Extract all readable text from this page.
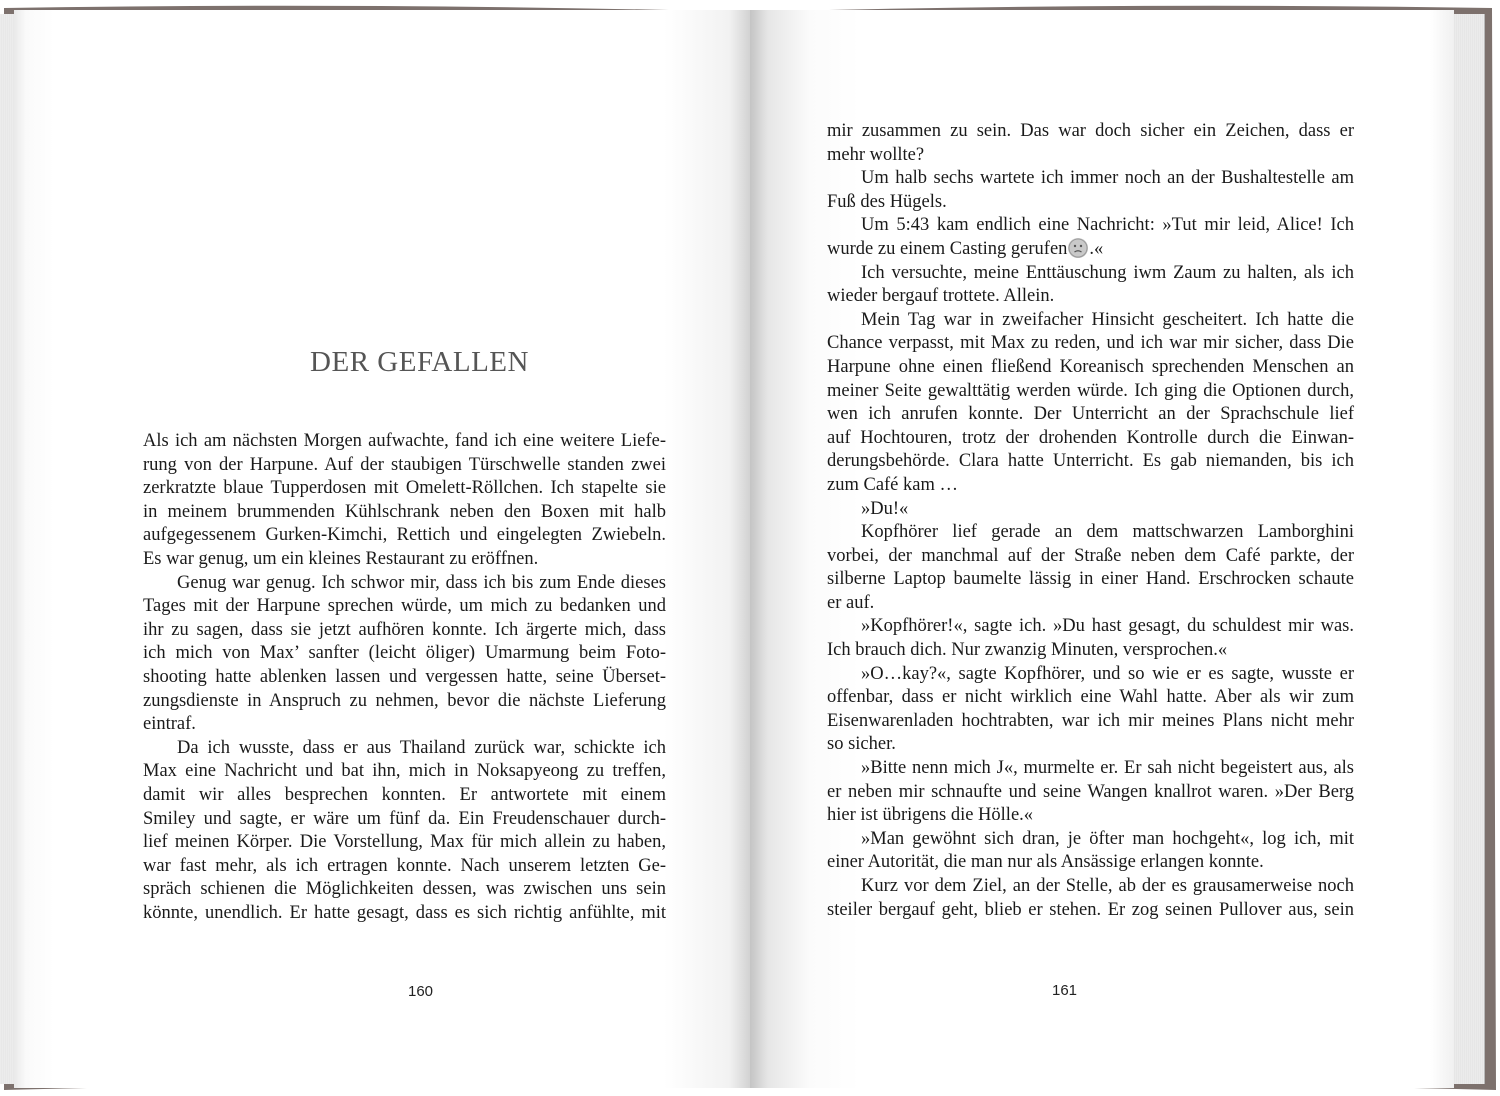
DER GEFALLEN
Als ich am nächsten Morgen aufwachte, fand ich eine weitere Liefe-
rung von der Harpune. Auf der staubigen Türschwelle standen zwei
zerkratzte blaue Tupperdosen mit Omelett-Röllchen. Ich stapelte sie
in meinem brummenden Kühlschrank neben den Boxen mit halb
aufgegessenem Gurken-Kimchi, Rettich und eingelegten Zwiebeln.
Es war genug, um ein kleines Restaurant zu eröffnen.
Genug war genug. Ich schwor mir, dass ich bis zum Ende dieses
Tages mit der Harpune sprechen würde, um mich zu bedanken und
ihr zu sagen, dass sie jetzt aufhören konnte. Ich ärgerte mich, dass
ich mich von Max’ sanfter (leicht öliger) Umarmung beim Foto-
shooting hatte ablenken lassen und vergessen hatte, seine Überset-
zungsdienste in Anspruch zu nehmen, bevor die nächste Lieferung
eintraf.
Da ich wusste, dass er aus Thailand zurück war, schickte ich
Max eine Nachricht und bat ihn, mich in Noksapyeong zu treffen,
damit wir alles besprechen konnten. Er antwortete mit einem
Smiley und sagte, er wäre um fünf da. Ein Freudenschauer durch-
lief meinen Körper. Die Vorstellung, Max für mich allein zu haben,
war fast mehr, als ich ertragen konnte. Nach unserem letzten Ge-
spräch schienen die Möglichkeiten dessen, was zwischen uns sein
könnte, unendlich. Er hatte gesagt, dass es sich richtig anfühlte, mit
mir zusammen zu sein. Das war doch sicher ein Zeichen, dass er
mehr wollte?
Um halb sechs wartete ich immer noch an der Bushaltestelle am
Fuß des Hügels.
Um 5:43 kam endlich eine Nachricht: »Tut mir leid, Alice! Ich
wurde zu einem Casting gerufen .«
Ich versuchte, meine Enttäuschung iwm Zaum zu halten, als ich
wieder bergauf trottete. Allein.
Mein Tag war in zweifacher Hinsicht gescheitert. Ich hatte die
Chance verpasst, mit Max zu reden, und ich war mir sicher, dass Die
Harpune ohne einen fließend Koreanisch sprechenden Menschen an
meiner Seite gewalttätig werden würde. Ich ging die Optionen durch,
wen ich anrufen konnte. Der Unterricht an der Sprachschule lief
auf Hochtouren, trotz der drohenden Kontrolle durch die Einwan-
derungsbehörde. Clara hatte Unterricht. Es gab niemanden, bis ich
zum Café kam …
»Du!«
Kopfhörer lief gerade an dem mattschwarzen Lamborghini
vorbei, der manchmal auf der Straße neben dem Café parkte, der
silberne Laptop baumelte lässig in einer Hand. Erschrocken schaute
er auf.
»Kopfhörer!«, sagte ich. »Du hast gesagt, du schuldest mir was.
Ich brauch dich. Nur zwanzig Minuten, versprochen.«
»O…kay?«, sagte Kopfhörer, und so wie er es sagte, wusste er
offenbar, dass er nicht wirklich eine Wahl hatte. Aber als wir zum
Eisenwarenladen hochtrabten, war ich mir meines Plans nicht mehr
so sicher.
»Bitte nenn mich J«, murmelte er. Er sah nicht begeistert aus, als
er neben mir schnaufte und seine Wangen knallrot waren. »Der Berg
hier ist übrigens die Hölle.«
»Man gewöhnt sich dran, je öfter man hochgeht«, log ich, mit
einer Autorität, die man nur als Ansässige erlangen konnte.
Kurz vor dem Ziel, an der Stelle, ab der es grausamerweise noch
steiler bergauf geht, blieb er stehen. Er zog seinen Pullover aus, sein
160	161
